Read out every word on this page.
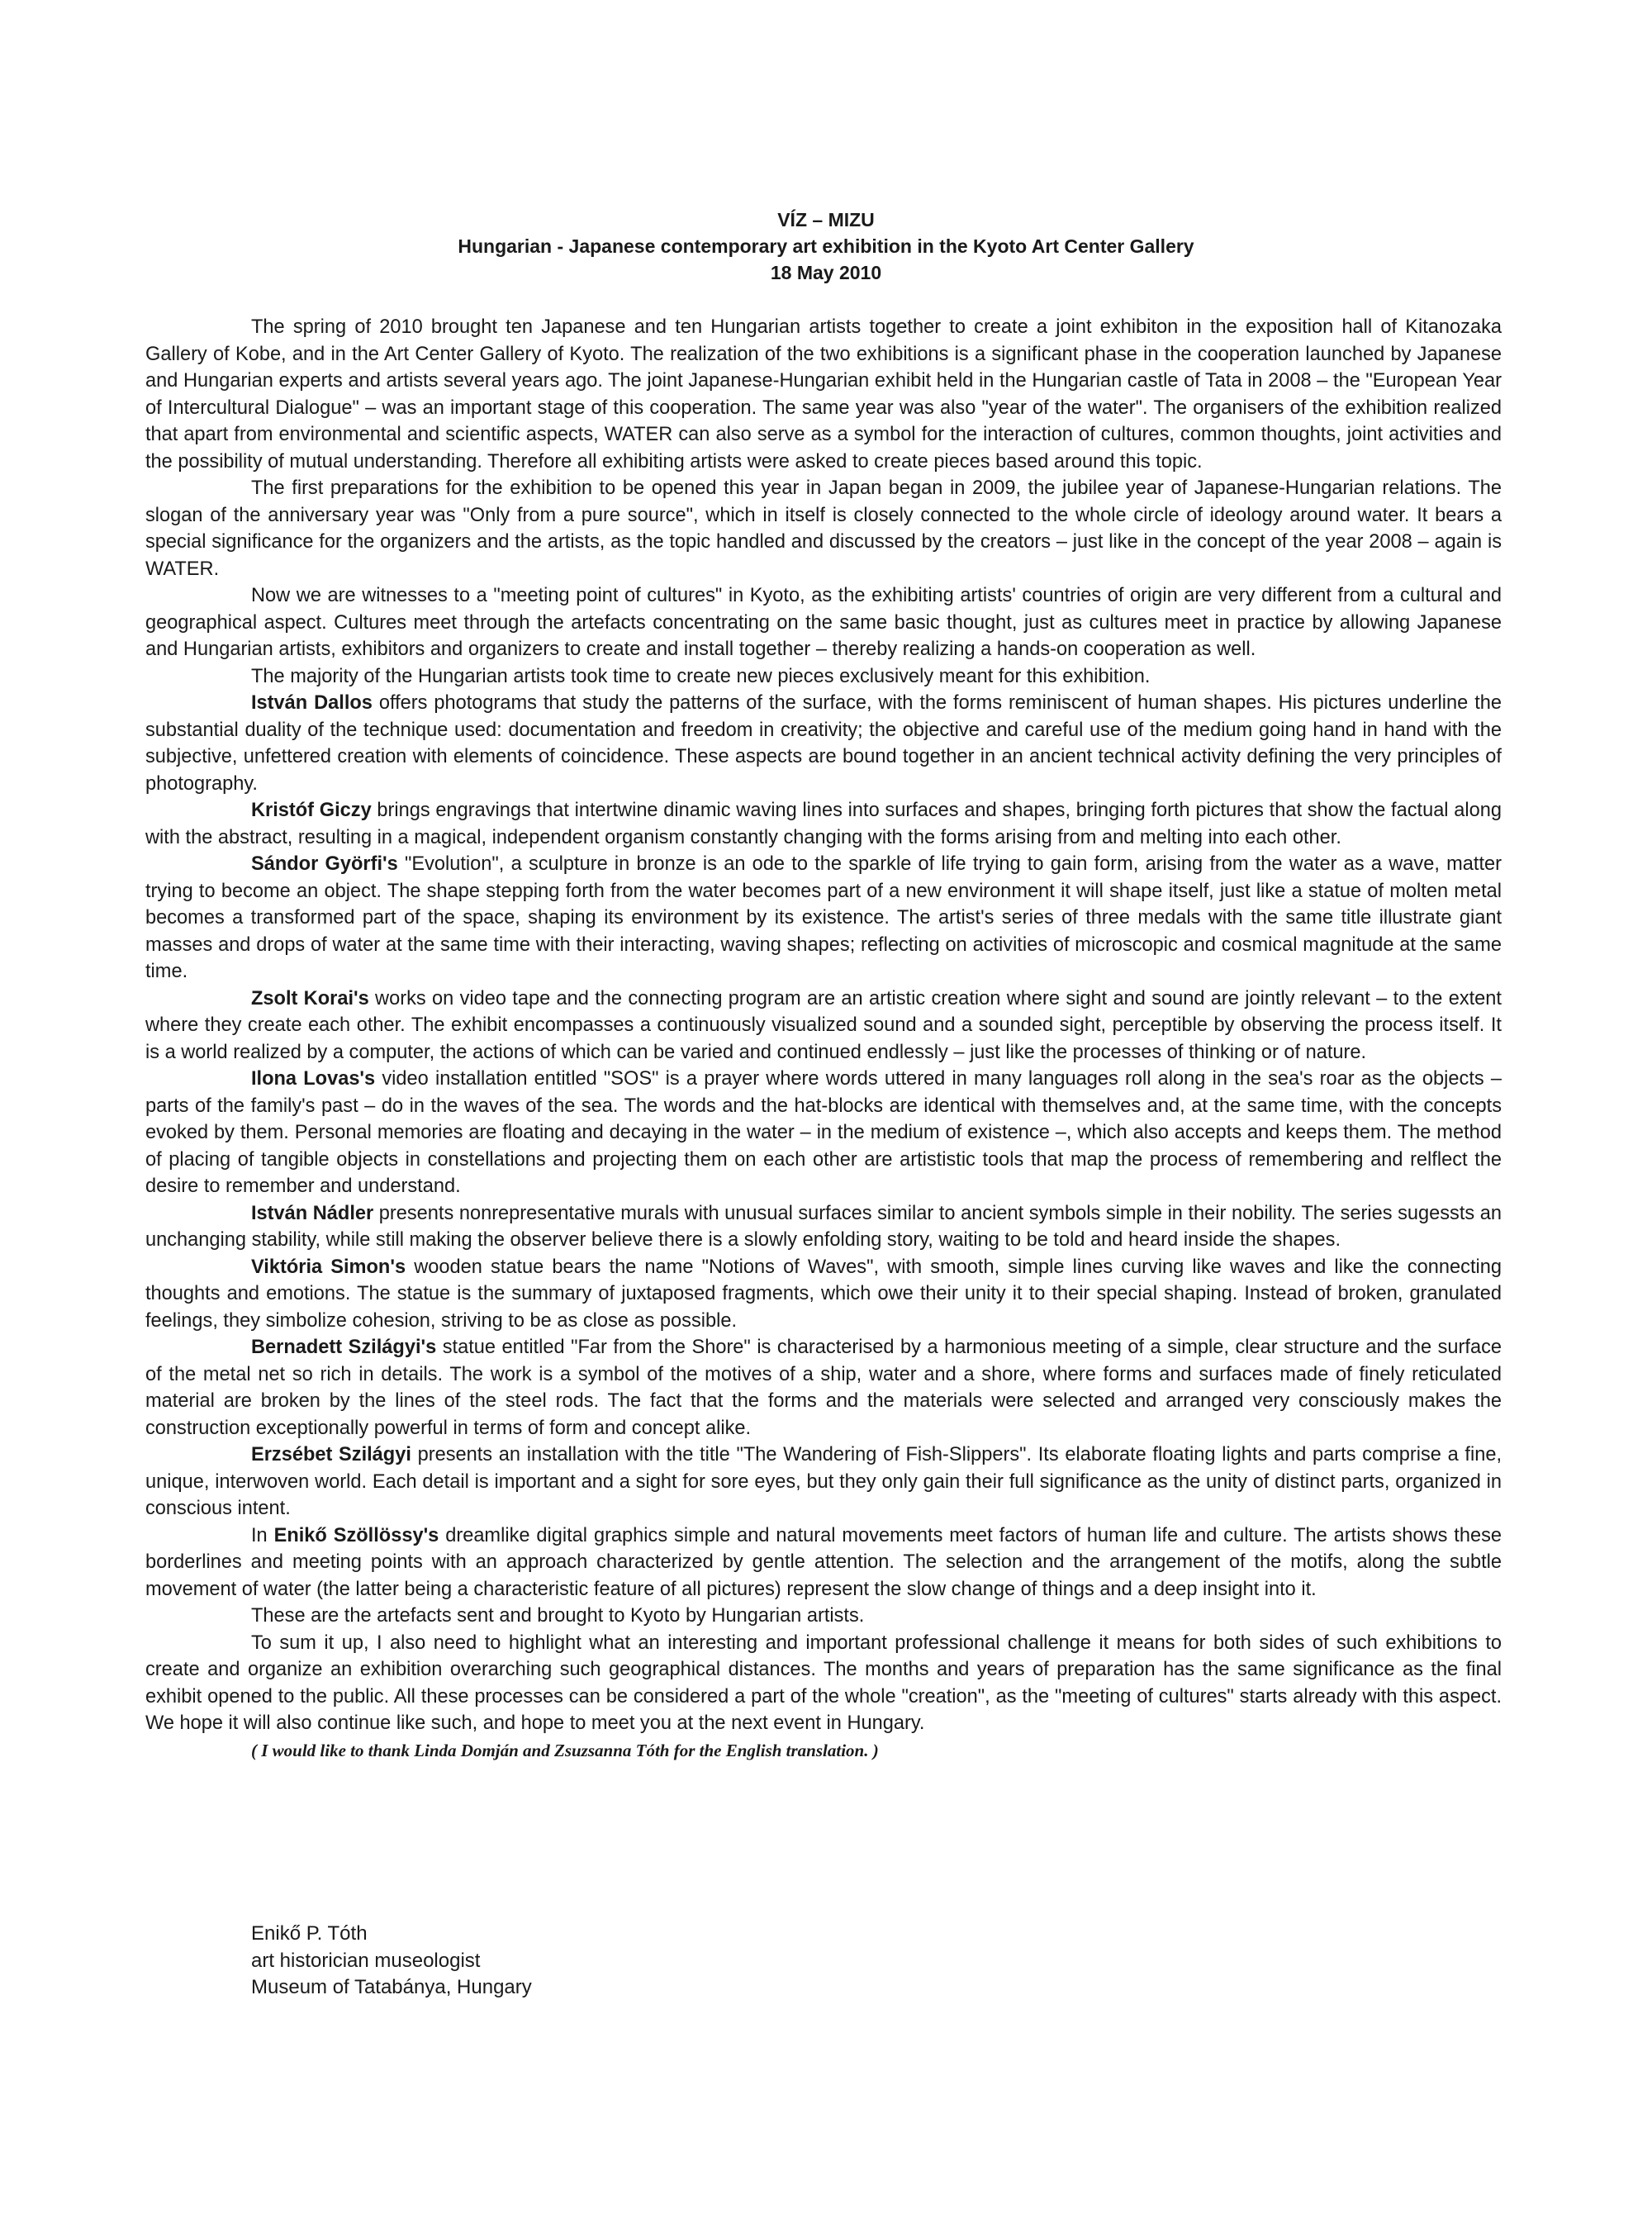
VÍZ – MIZU
Hungarian - Japanese contemporary art exhibition in the Kyoto Art Center Gallery
18 May 2010

The spring of 2010 brought ten Japanese and ten Hungarian artists together to create a joint exhibiton in the exposition hall of Kitanozaka Gallery of Kobe, and in the Art Center Gallery of Kyoto. The realization of the two exhibitions is a significant phase in the cooperation launched by Japanese and Hungarian experts and artists several years ago. The joint Japanese-Hungarian exhibit held in the Hungarian castle of Tata in 2008 – the "European Year of Intercultural Dialogue" – was an important stage of this cooperation. The same year was also "year of the water". The organisers of the exhibition realized that apart from environmental and scientific aspects, WATER can also serve as a symbol for the interaction of cultures, common thoughts, joint activities and the possibility of mutual understanding. Therefore all exhibiting artists were asked to create pieces based around this topic.

The first preparations for the exhibition to be opened this year in Japan began in 2009, the jubilee year of Japanese-Hungarian relations. The slogan of the anniversary year was "Only from a pure source", which in itself is closely connected to the whole circle of ideology around water. It bears a special significance for the organizers and the artists, as the topic handled and discussed by the creators – just like in the concept of the year 2008 – again is WATER.

Now we are witnesses to a "meeting point of cultures" in Kyoto, as the exhibiting artists' countries of origin are very different from a cultural and geographical aspect. Cultures meet through the artefacts concentrating on the same basic thought, just as cultures meet in practice by allowing Japanese and Hungarian artists, exhibitors and organizers to create and install together – thereby realizing a hands-on cooperation as well.

The majority of the Hungarian artists took time to create new pieces exclusively meant for this exhibition.

István Dallos offers photograms that study the patterns of the surface, with the forms reminiscent of human shapes. His pictures underline the substantial duality of the technique used: documentation and freedom in creativity; the objective and careful use of the medium going hand in hand with the subjective, unfettered creation with elements of coincidence. These aspects are bound together in an ancient technical activity defining the very principles of photography.

Kristóf Giczy brings engravings that intertwine dinamic waving lines into surfaces and shapes, bringing forth pictures that show the factual along with the abstract, resulting in a magical, independent organism constantly changing with the forms arising from and melting into each other.

Sándor Györfi's "Evolution", a sculpture in bronze is an ode to the sparkle of life trying to gain form, arising from the water as a wave, matter trying to become an object. The shape stepping forth from the water becomes part of a new environment it will shape itself, just like a statue of molten metal becomes a transformed part of the space, shaping its environment by its existence. The artist's series of three medals with the same title illustrate giant masses and drops of water at the same time with their interacting, waving shapes; reflecting on activities of microscopic and cosmical magnitude at the same time.

Zsolt Korai's works on video tape and the connecting program are an artistic creation where sight and sound are jointly relevant – to the extent where they create each other. The exhibit encompasses a continuously visualized sound and a sounded sight, perceptible by observing the process itself. It is a world realized by a computer, the actions of which can be varied and continued endlessly – just like the processes of thinking or of nature.

Ilona Lovas's video installation entitled "SOS" is a prayer where words uttered in many languages roll along in the sea's roar as the objects – parts of the family's past – do in the waves of the sea. The words and the hat-blocks are identical with themselves and, at the same time, with the concepts evoked by them. Personal memories are floating and decaying in the water – in the medium of existence –, which also accepts and keeps them. The method of placing of tangible objects in constellations and projecting them on each other are artististic tools that map the process of remembering and relflect the desire to remember and understand.

István Nádler presents nonrepresentative murals with unusual surfaces similar to ancient symbols simple in their nobility. The series sugessts an unchanging stability, while still making the observer believe there is a slowly enfolding story, waiting to be told and heard inside the shapes.

Viktória Simon's wooden statue bears the name "Notions of Waves", with smooth, simple lines curving like waves and like the connecting thoughts and emotions. The statue is the summary of juxtaposed fragments, which owe their unity it to their special shaping. Instead of broken, granulated feelings, they simbolize cohesion, striving to be as close as possible.

Bernadett Szilágyi's statue entitled "Far from the Shore" is characterised by a harmonious meeting of a simple, clear structure and the surface of the metal net so rich in details. The work is a symbol of the motives of a ship, water and a shore, where forms and surfaces made of finely reticulated material are broken by the lines of the steel rods. The fact that the forms and the materials were selected and arranged very consciously makes the construction exceptionally powerful in terms of form and concept alike.

Erzsébet Szilágyi presents an installation with the title "The Wandering of Fish-Slippers". Its elaborate floating lights and parts comprise a fine, unique, interwoven world. Each detail is important and a sight for sore eyes, but they only gain their full significance as the unity of distinct parts, organized in conscious intent.

In Enikő Szöllössy's dreamlike digital graphics simple and natural movements meet factors of human life and culture. The artists shows these borderlines and meeting points with an approach characterized by gentle attention. The selection and the arrangement of the motifs, along the subtle movement of water (the latter being a characteristic feature of all pictures) represent the slow change of things and a deep insight into it.

These are the artefacts sent and brought to Kyoto by Hungarian artists.

To sum it up, I also need to highlight what an interesting and important professional challenge it means for both sides of such exhibitions to create and organize an exhibition overarching such geographical distances. The months and years of preparation has the same significance as the final exhibit opened to the public. All these processes can be considered a part of the whole "creation", as the "meeting of cultures" starts already with this aspect. We hope it will also continue like such, and hope to meet you at the next event in Hungary.

( I would like to thank Linda Domján and Zsuzsanna Tóth for the English translation. )

Enikő P. Tóth
art historician museologist
Museum of Tatabánya, Hungary
